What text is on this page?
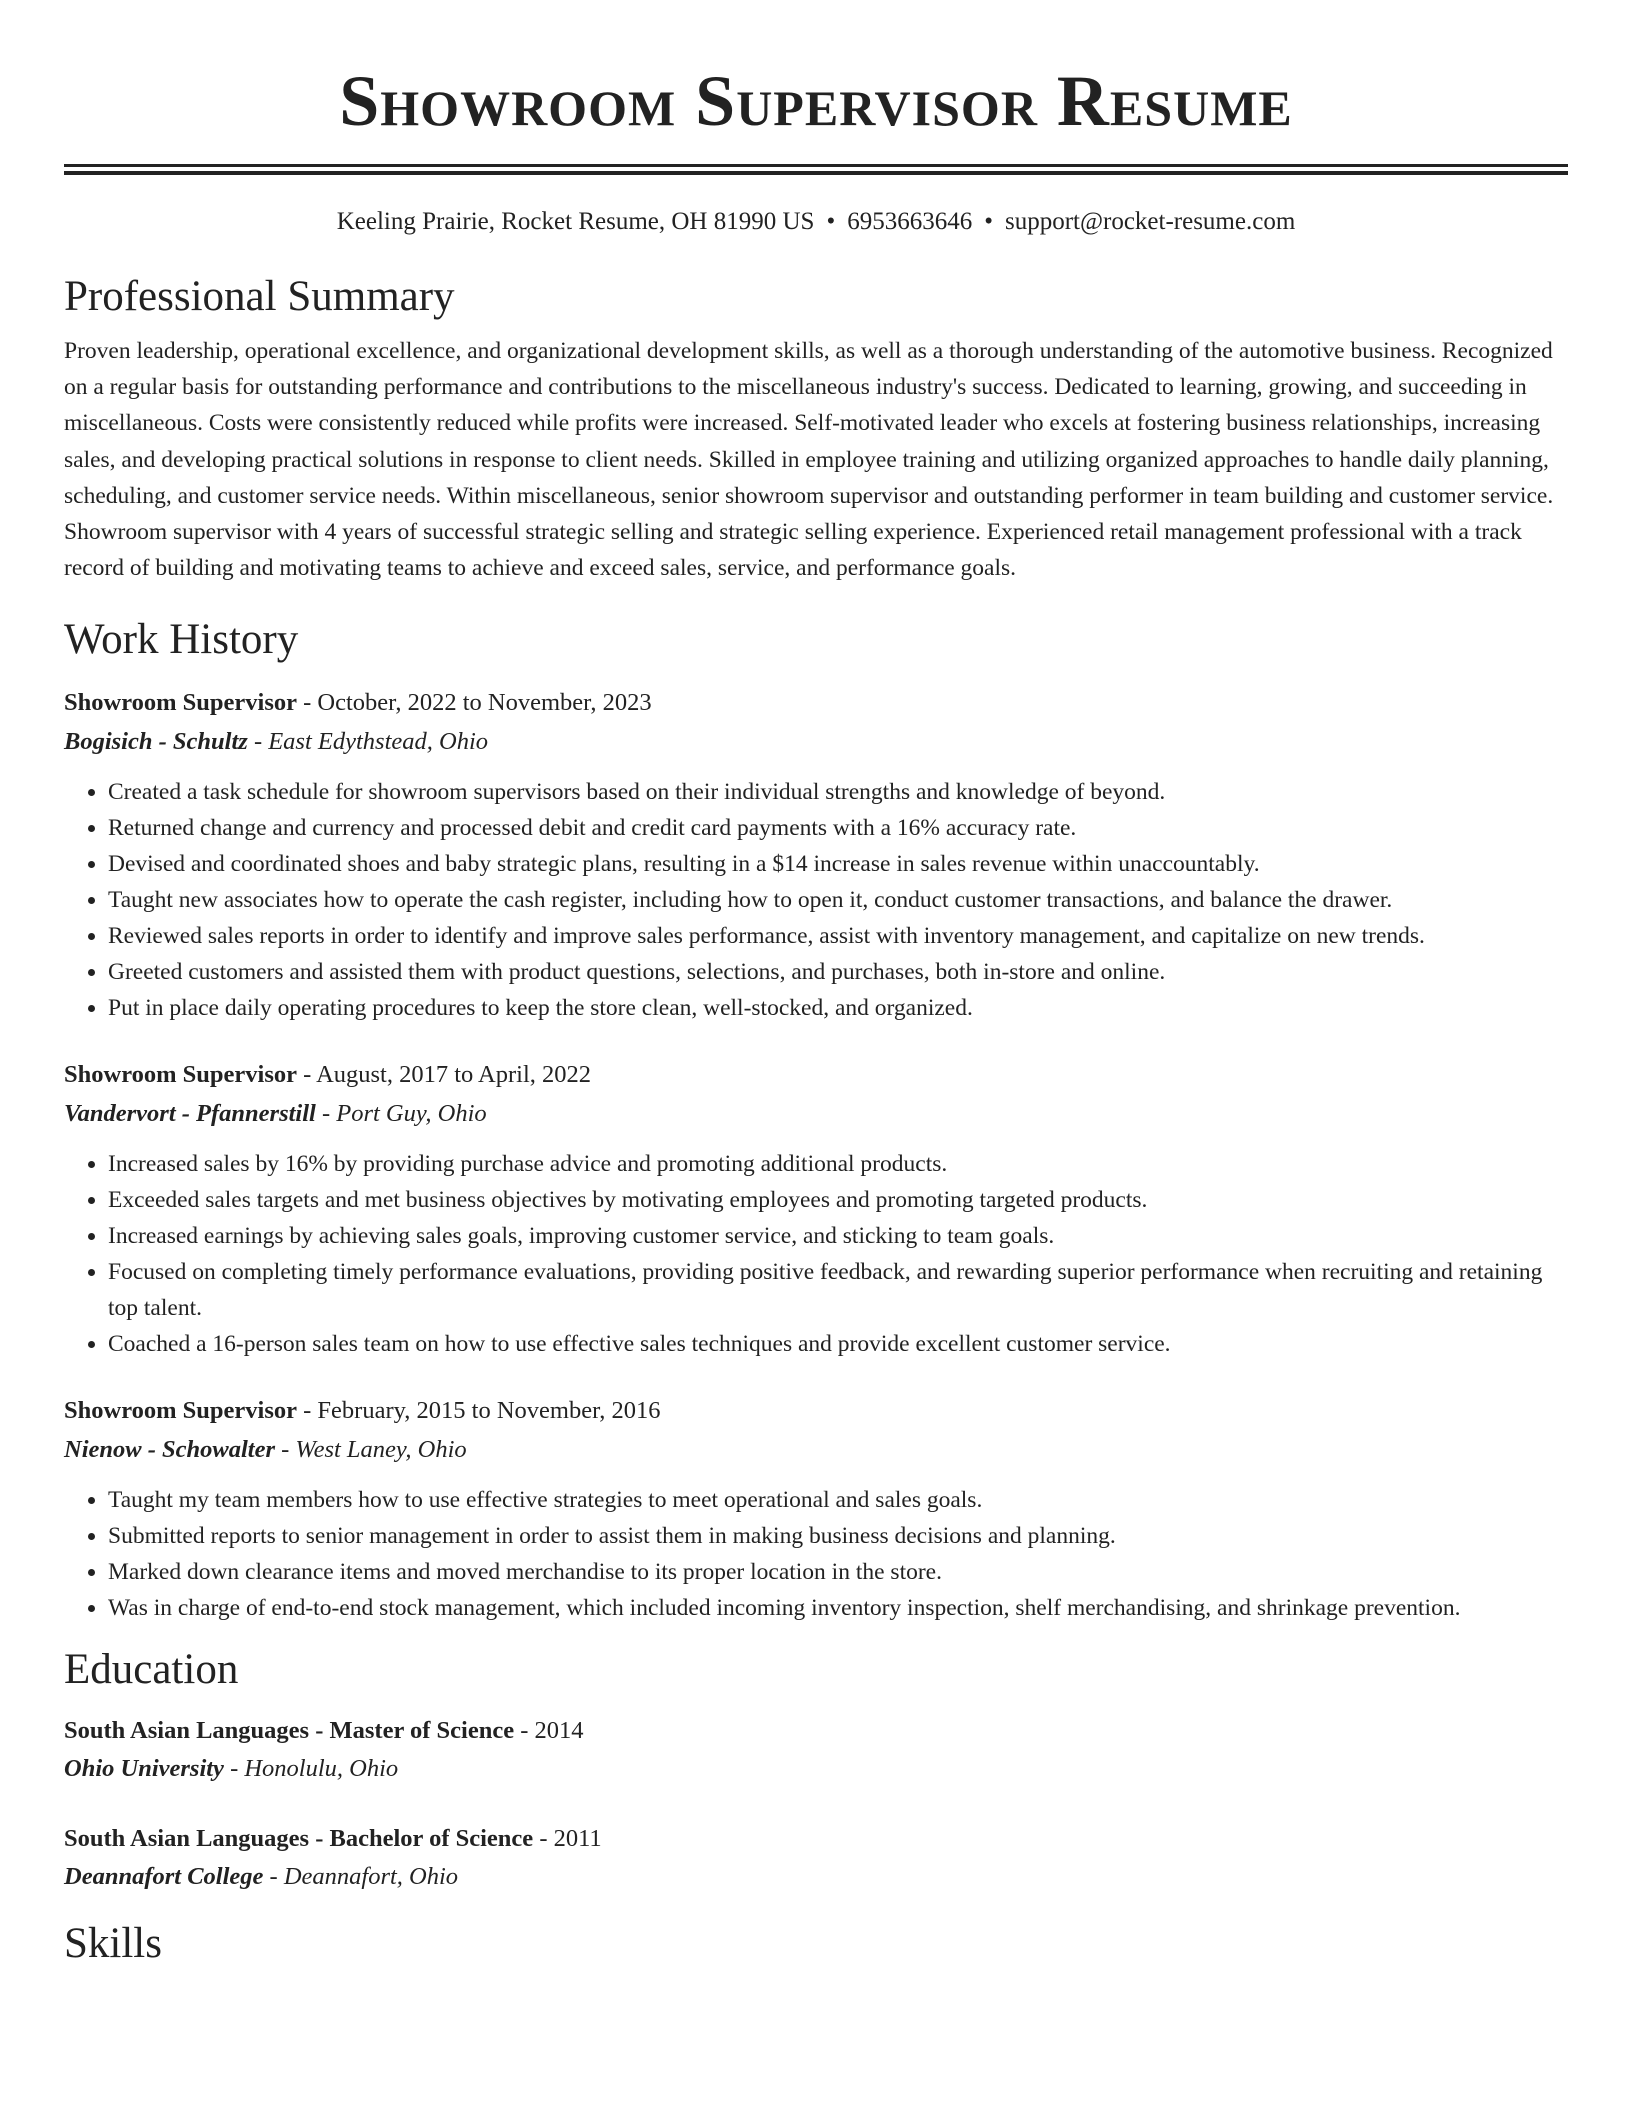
Showroom Supervisor Resume
Keeling Prairie, Rocket Resume, OH 81990 US • 6953663646 • support@rocket-resume.com
Professional Summary

Proven leadership, operational excellence, and organizational development skills, as well as a thorough understanding of the automotive business. Recognized on a regular basis for outstanding performance and contributions to the miscellaneous industry's success. Dedicated to learning, growing, and succeeding in miscellaneous. Costs were consistently reduced while profits were increased. Self-motivated leader who excels at fostering business relationships, increasing sales, and developing practical solutions in response to client needs. Skilled in employee training and utilizing organized approaches to handle daily planning, scheduling, and customer service needs. Within miscellaneous, senior showroom supervisor and outstanding performer in team building and customer service. Showroom supervisor with 4 years of successful strategic selling and strategic selling experience. Experienced retail management professional with a track record of building and motivating teams to achieve and exceed sales, service, and performance goals.

Work History
Showroom Supervisor - October, 2022 to November, 2023
Bogisich - Schultz - East Edythstead, Ohio
• Created a task schedule for showroom supervisors based on their individual strengths and knowledge of beyond.
• Returned change and currency and processed debit and credit card payments with a 16% accuracy rate.
• Devised and coordinated shoes and baby strategic plans, resulting in a $14 increase in sales revenue within unaccountably.
• Taught new associates how to operate the cash register, including how to open it, conduct customer transactions, and balance the drawer.
• Reviewed sales reports in order to identify and improve sales performance, assist with inventory management, and capitalize on new trends.
• Greeted customers and assisted them with product questions, selections, and purchases, both in-store and online.
• Put in place daily operating procedures to keep the store clean, well-stocked, and organized.
Showroom Supervisor - August, 2017 to April, 2022
Vandervort - Pfannerstill - Port Guy, Ohio
• Increased sales by 16% by providing purchase advice and promoting additional products.
• Exceeded sales targets and met business objectives by motivating employees and promoting targeted products.
• Increased earnings by achieving sales goals, improving customer service, and sticking to team goals.
• Focused on completing timely performance evaluations, providing positive feedback, and rewarding superior performance when recruiting and retaining top talent.
• Coached a 16-person sales team on how to use effective sales techniques and provide excellent customer service.
Showroom Supervisor - February, 2015 to November, 2016
Nienow - Schowalter - West Laney, Ohio
• Taught my team members how to use effective strategies to meet operational and sales goals.
• Submitted reports to senior management in order to assist them in making business decisions and planning.
• Marked down clearance items and moved merchandise to its proper location in the store.
• Was in charge of end-to-end stock management, which included incoming inventory inspection, shelf merchandising, and shrinkage prevention.
Education
South Asian Languages - Master of Science - 2014
Ohio University - Honolulu, Ohio
South Asian Languages - Bachelor of Science - 2011
Deannafort College - Deannafort, Ohio
Skills
